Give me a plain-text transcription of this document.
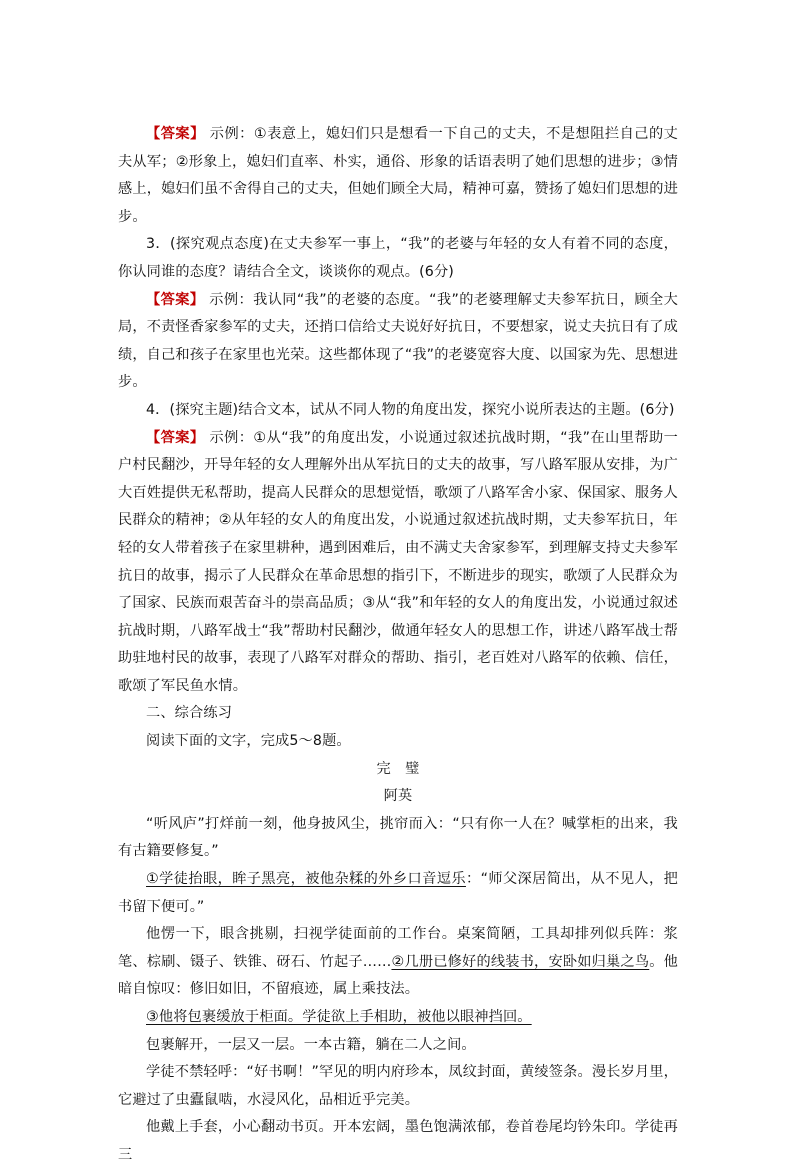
【答案】 示例：①表意上，媳妇们只是想看一下自己的丈夫，不是想阻拦自己的丈夫从军；②形象上，媳妇们直率、朴实，通俗、形象的话语表明了她们思想的进步；③情感上，媳妇们虽不舍得自己的丈夫，但她们顾全大局，精神可嘉，赞扬了媳妇们思想的进步。

3．(探究观点态度)在丈夫参军一事上，“我”的老婆与年轻的女人有着不同的态度，你认同谁的态度？请结合全文，谈谈你的观点。(6分)

【答案】 示例：我认同“我”的老婆的态度。“我”的老婆理解丈夫参军抗日，顾全大局，不责怪香家参军的丈夫，还捎口信给丈夫说好好抗日，不要想家，说丈夫抗日有了成绩，自己和孩子在家里也光荣。这些都体现了“我”的老婆宽容大度、以国家为先、思想进步。

4．(探究主题)结合文本，试从不同人物的角度出发，探究小说所表达的主题。(6分)

【答案】 示例：①从“我”的角度出发，小说通过叙述抗战时期，“我”在山里帮助一户村民翻沙，开导年轻的女人理解外出从军抗日的丈夫的故事，写八路军服从安排，为广大百姓提供无私帮助，提高人民群众的思想觉悟，歌颂了八路军舍小家、保国家、服务人民群众的精神；②从年轻的女人的角度出发，小说通过叙述抗战时期，丈夫参军抗日，年轻的女人带着孩子在家里耕种，遇到困难后，由不满丈夫舍家参军，到理解支持丈夫参军抗日的故事，揭示了人民群众在革命思想的指引下，不断进步的现实，歌颂了人民群众为了国家、民族而艰苦奋斗的崇高品质；③从“我”和年轻的女人的角度出发，小说通过叙述抗战时期，八路军战士“我”帮助村民翻沙，做通年轻女人的思想工作，讲述八路军战士帮助驻地村民的故事，表现了八路军对群众的帮助、指引，老百姓对八路军的依赖、信任，歌颂了军民鱼水情。

二、综合练习

阅读下面的文字，完成5～8题。

完　璧

阿英

“听风庐”打烊前一刻，他身披风尘，挑帘而入：“只有你一人在？喊掌柜的出来，我有古籍要修复。”

①学徒抬眼，眸子黑亮，被他杂糅的外乡口音逗乐：“师父深居简出，从不见人，把书留下便可。”

他愣一下，眼含挑剔，扫视学徒面前的工作台。桌案简陋，工具却排列似兵阵：浆笔、棕刷、镊子、铁锥、砑石、竹起子……②几册已修好的线装书，安卧如归巢之鸟。他暗自惊叹：修旧如旧，不留痕迹，属上乘技法。

③他将包裹缓放于柜面。学徒欲上手相助，被他以眼神挡回。

包裹解开，一层又一层。一本古籍，躺在二人之间。

学徒不禁轻呼：“好书啊！”罕见的明内府珍本，凤纹封面，黄绫签条。漫长岁月里，它避过了虫蠹鼠啮，水浸风化，品相近乎完美。

他戴上手套，小心翻动书页。开本宏阔，墨色饱满浓郁，卷首卷尾均钤朱印。学徒再三
